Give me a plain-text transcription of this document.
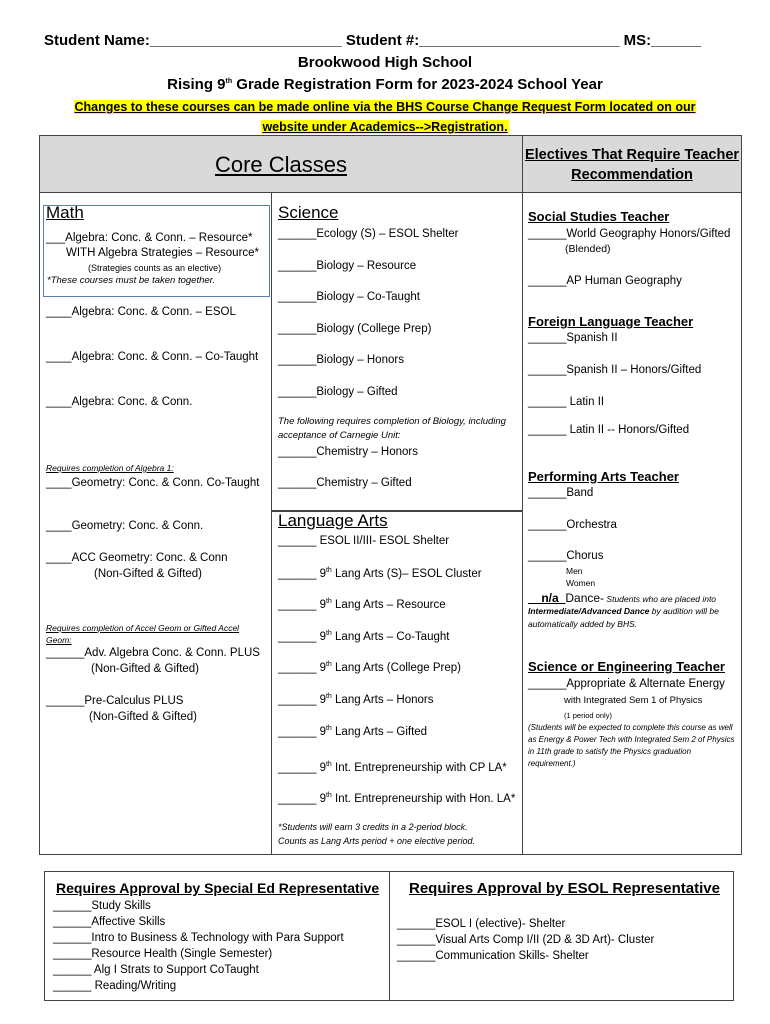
Student Name:_______________________ Student #:________________________ MS:______
Brookwood High School
Rising 9th Grade Registration Form for 2023-2024 School Year
Changes to these courses can be made online via the BHS Course Change Request Form located on our
website under Academics-->Registration.
Core Classes	Electives That Require Teacher Recommendation
Math
___Algebra: Conc. & Conn. – Resource*
WITH Algebra Strategies – Resource*
(Strategies counts as an elective)
*These courses must be taken together.
____Algebra: Conc. & Conn. – ESOL
____Algebra: Conc. & Conn. – Co-Taught
____Algebra: Conc. & Conn.
Requires completion of Algebra 1:
____Geometry: Conc. & Conn. Co-Taught
____Geometry: Conc. & Conn.
____ACC Geometry: Conc. & Conn
(Non-Gifted & Gifted)
Requires completion of Accel Geom or Gifted Accel Geom:
______Adv. Algebra Conc. & Conn. PLUS
(Non-Gifted & Gifted)
______Pre-Calculus PLUS
(Non-Gifted & Gifted)
Science
______Ecology (S) – ESOL Shelter
______Biology – Resource
______Biology – Co-Taught
______Biology (College Prep)
______Biology – Honors
______Biology – Gifted
The following requires completion of Biology, including acceptance of Carnegie Unit:
______Chemistry – Honors
______Chemistry – Gifted
Language Arts
______ ESOL II/III- ESOL Shelter
______ 9th Lang Arts (S)– ESOL Cluster
______ 9th Lang Arts – Resource
______ 9th Lang Arts – Co-Taught
______ 9th Lang Arts (College Prep)
______ 9th Lang Arts – Honors
______ 9th Lang Arts – Gifted
______ 9th Int. Entrepreneurship with CP LA*
______ 9th Int. Entrepreneurship with Hon. LA*
*Students will earn 3 credits in a 2-period block.
Counts as Lang Arts period + one elective period.
Social Studies Teacher
______World Geography Honors/Gifted
(Blended)
______AP Human Geography
Foreign Language Teacher
______Spanish II
______Spanish II – Honors/Gifted
______ Latin II
______ Latin II -- Honors/Gifted
Performing Arts Teacher
______Band
______Orchestra
______Chorus
Men
Women
__n/a_Dance- Students who are placed into
Intermediate/Advanced Dance by audition will be
automatically added by BHS.
Science or Engineering Teacher
______Appropriate & Alternate Energy
with Integrated Sem 1 of Physics
(1 period only)
(Students will be expected to complete this course as well as Energy & Power Tech with Integrated Sem 2 of Physics in 11th grade to satisfy the Physics graduation requirement.)
Requires Approval by Special Ed Representative
______Study Skills
______Affective Skills
______Intro to Business & Technology with Para Support
______Resource Health (Single Semester)
______ Alg I Strats to Support CoTaught
______ Reading/Writing
Requires Approval by ESOL Representative
______ESOL I (elective)- Shelter
______Visual Arts Comp I/II (2D & 3D Art)- Cluster
______Communication Skills- Shelter
